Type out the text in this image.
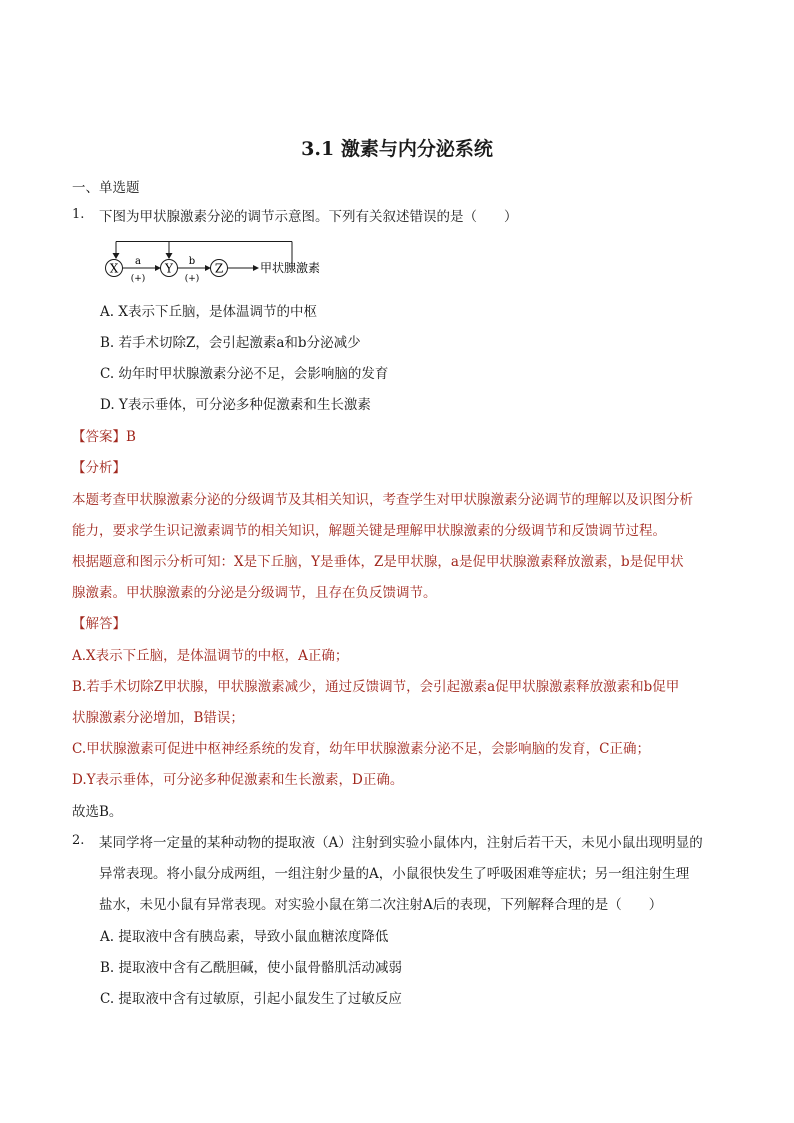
3.1 激素与内分泌系统
一、单选题
1. 下图为甲状腺激素分泌的调节示意图。下列有关叙述错误的是（　　）
X	Y	Z
a
(+)
b
(+)
甲状腺激素
A. X表示下丘脑，是体温调节的中枢
B. 若手术切除Z，会引起激素a和b分泌减少
C. 幼年时甲状腺激素分泌不足，会影响脑的发育
D. Y表示垂体，可分泌多种促激素和生长激素
【答案】B
【分析】
本题考查甲状腺激素分泌的分级调节及其相关知识，考查学生对甲状腺激素分泌调节的理解以及识图分析
能力，要求学生识记激素调节的相关知识，解题关键是理解甲状腺激素的分级调节和反馈调节过程。
根据题意和图示分析可知：X是下丘脑，Y是垂体，Z是甲状腺，a是促甲状腺激素释放激素，b是促甲状
腺激素。甲状腺激素的分泌是分级调节，且存在负反馈调节。
【解答】
A.X表示下丘脑，是体温调节的中枢，A正确；
B.若手术切除Z甲状腺，甲状腺激素减少，通过反馈调节，会引起激素a促甲状腺激素释放激素和b促甲
状腺激素分泌增加，B错误；
C.甲状腺激素可促进中枢神经系统的发育，幼年甲状腺激素分泌不足，会影响脑的发育，C正确；
D.Y表示垂体，可分泌多种促激素和生长激素，D正确。
故选B。
2. 某同学将一定量的某种动物的提取液（A）注射到实验小鼠体内，注射后若干天，未见小鼠出现明显的
异常表现。将小鼠分成两组，一组注射少量的A，小鼠很快发生了呼吸困难等症状；另一组注射生理
盐水，未见小鼠有异常表现。对实验小鼠在第二次注射A后的表现，下列解释合理的是（　　）
A. 提取液中含有胰岛素，导致小鼠血糖浓度降低
B. 提取液中含有乙酰胆碱，使小鼠骨骼肌活动减弱
C. 提取液中含有过敏原，引起小鼠发生了过敏反应
